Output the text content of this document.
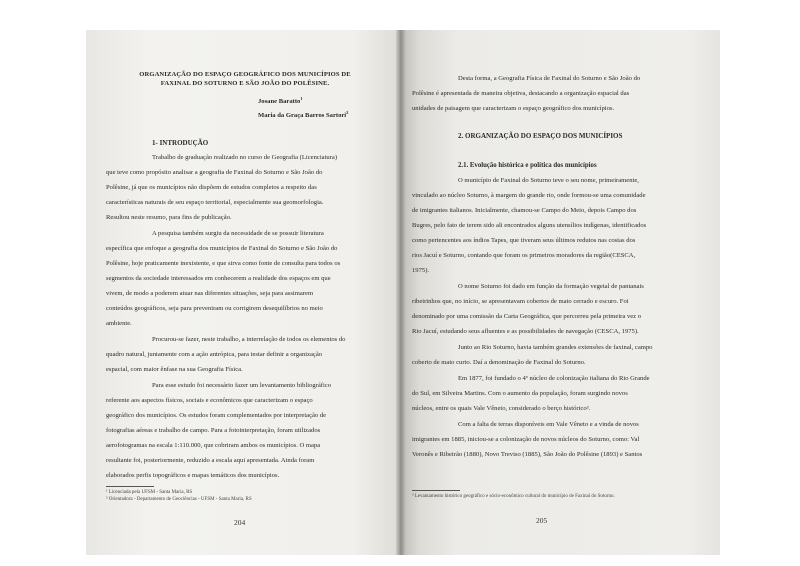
ORGANIZAÇÃO DO ESPAÇO GEOGRÁFICO DOS MUNICÍPIOS DE
FAXINAL DO SOTURNO E SÃO JOÃO DO POLÊSINE.
Josane Baratto$^1$
Maria da Graça Barros Sartori$^2$
1- INTRODUÇÃO
Trabalho de graduação realizado no curso de Geografia (Licenciatura)
que teve como propósito analisar a geografia de Faxinal do Soturno e São João do
Polêsine, já que os municípios não dispõem de estudos completos a respeito das
características naturais de seu espaço territorial, especialmente sua geomorfologia.
Resultou neste resumo, para fins de publicação.
A pesquisa também surgiu da necessidade de se possuir literatura
específica que enfoque a geografia dos municípios de Faxinal do Soturno e São João do
Polêsine, hoje praticamente inexistente, e que sirva como fonte de consulta para todos os
segmentos da sociedade interessados em conhecerem a realidade dos espaços em que
vivem, de modo a poderem atuar nas diferentes situações, seja para assimarem
conteúdos geográficos, seja para preveniram ou corrigirem desequilíbrios no meio
ambiente.
Procurou-se fazer, neste trabalho, a interrelação de todos os elementos do
quadro natural, juntamente com a ação antrópica, para testar definir a organização
espacial, com maior ênfase na sua Geografia Física.
Para esse estudo foi necessário fazer um levantamento bibliográfico
referente aos aspectos físicos, sociais e econômicos que caracterizam o espaço
geográfico dos municípios. Os estudos foram complementados por interpretação de
fotografias aéreas e trabalho de campo. Para a fotointerpretação, foram utilizados
aerofotogramas na escala 1:110.000, que cobriram ambos os municípios. O mapa
resultante foi, posteriormente, reduzido a escala aqui apresentada. Ainda foram
elaborados perfis topográficos e mapas temáticos dos municípios.
¹ Licenciada pela UFSM - Santa Maria, RS
² Orientadora - Departamento de Geociências - UFSM - Santa Maria, RS
204
Desta forma, a Geografia Física de Faxinal do Soturno e São João do
Polêsine é apresentada de maneira objetiva, destacando a organização espacial das
unidades de paisagem que caracterizam o espaço geográfico dos municípios.
2. ORGANIZAÇÃO DO ESPAÇO DOS MUNICÍPIOS
2.1. Evolução histórica e política dos municípios
O município de Faxinal do Soturno teve o seu nome, primeiramente,
vinculado ao núcleo Soturno, à margem do grande rio, onde formou-se uma comunidade
de imigrantes italianos. Inicialmente, chamou-se Campo do Meio, depois Campo dos
Bugres, pelo fato de terem sido ali encontrados alguns utensílios indígenas, identificados
como pertencentes aos índios Tapes, que tiveram seus últimos redutos nas costas dos
rios Jacuí e Soturno, contando que foram os primeiros moradores da região(CESCA,
1975).
O nome Soturno foi dado em função da formação vegetal de pantanais
ribeirinhos que, no início, se apresentavam cobertos de mato cerrado e escuro. Foi
denominado por uma comissão da Carta Geográfica, que percorreu pela primeira vez o
Rio Jacuí, estudando seus afluentes e as possibilidades de navegação (CESCA, 1975).
Junto ao Rio Soturno, havia também grandes extensões de faxinal, campo
coberto de mato curto. Daí a denominação de Faxinal do Soturno.
Em 1877, foi fundado o 4º núcleo de colonização italiana do Rio Grande
do Sul, em Silveira Martins. Com o aumento da população, foram surgindo novos
núcleos, entre os quais Vale Vêneto, considerado o berço histórico³.
Com a falta de terras disponíveis em Vale Vêneto e a vinda de novos
imigrantes em 1885, iniciou-se a colonização de novos núcleos do Soturno, como: Val
Veronês e Ribeirão (1880), Novo Treviso (1885), São João do Polêsine (1893) e Santos
³ Levantamento histórico geográfico e sócio-econômico cultural do município de Faxinal do Soturno.
205
